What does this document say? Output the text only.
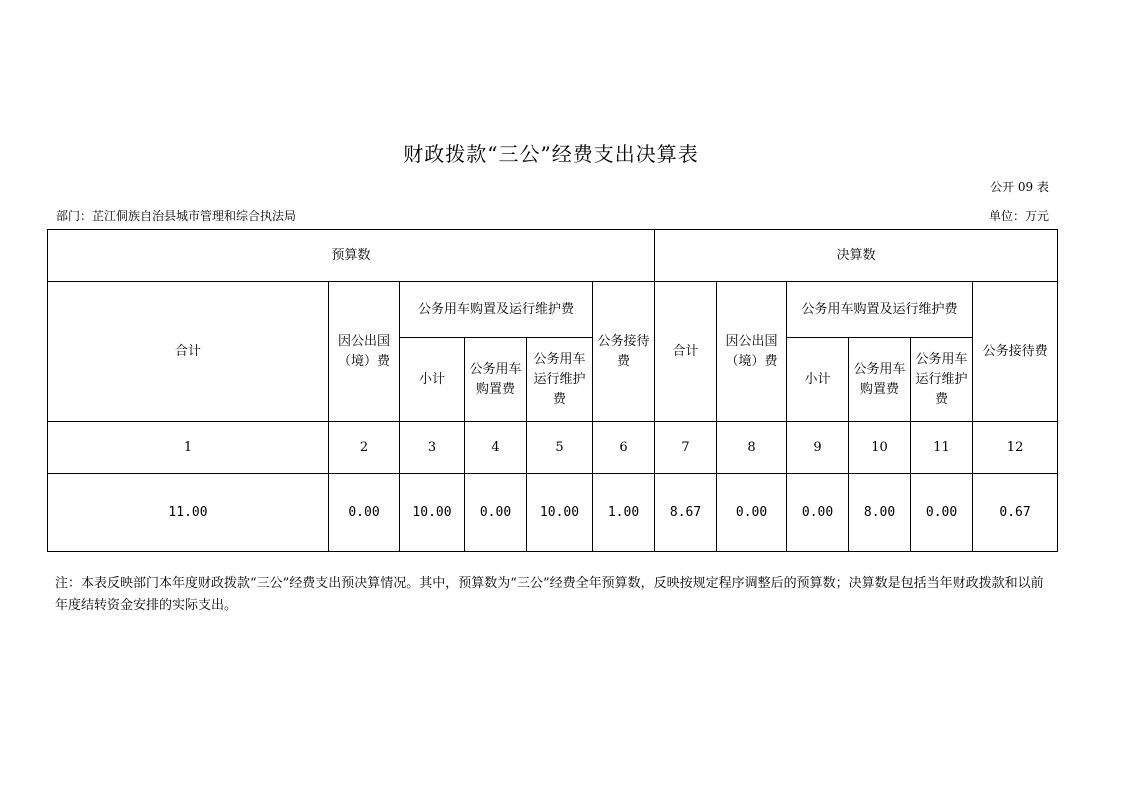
财政拨款“三公”经费支出决算表
公开 09 表
部门：芷江侗族自治县城市管理和综合执法局	单位：万元
预算数						决算数					
合计	因公出国（境）费	公务用车购置及运行维护费			公务接待费	合计	因公出国（境）费	公务用车购置及运行维护费			公务接待费
		小计	公务用车购置费	公务用车运行维护费				小计	公务用车购置费	公务用车运行维护费	
1	2	3	4	5	6	7	8	9	10	11	12
11.00	0.00	10.00	0.00	10.00	1.00	8.67	0.00	0.00	8.00	0.00	0.67
注：本表反映部门本年度财政拨款“三公”经费支出预决算情况。其中，预算数为“三公”经费全年预算数，反映按规定程序调整后的预算数；决算数是包括当年财政拨款和以前年度结转资金安排的实际支出。
